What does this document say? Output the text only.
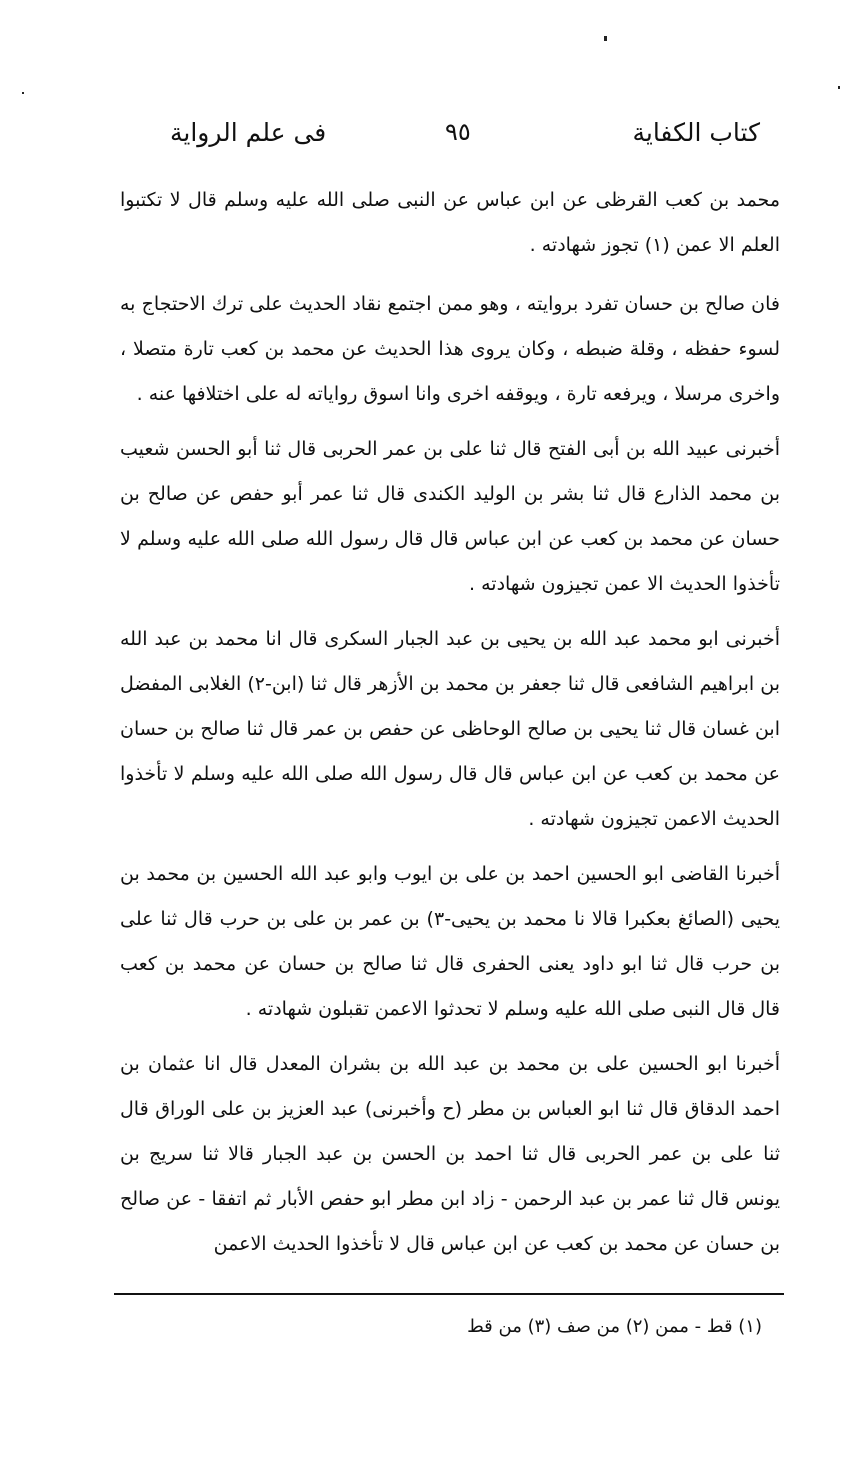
كتاب الكفاية
٩٥
فى علم الرواية

محمد بن كعب القرظى عن ابن عباس عن النبى صلى الله عليه وسلم قال لا تكتبوا العلم الا عمن (١) تجوز شهادته .

فان صالح بن حسان تفرد بروايته ، وهو ممن اجتمع نقاد الحديث على ترك الاحتجاج به لسوء حفظه ، وقلة ضبطه ، وكان يروى هذا الحديث عن محمد بن كعب تارة متصلا ، واخرى مرسلا ، ويرفعه تارة ، ويوقفه اخرى وانا اسوق رواياته له على اختلافها عنه .

أخبرنى عبيد الله بن أبى الفتح قال ثنا على بن عمر الحربى قال ثنا أبو الحسن شعيب بن محمد الذارع قال ثنا بشر بن الوليد الكندى قال ثنا عمر أبو حفص عن صالح بن حسان عن محمد بن كعب عن ابن عباس قال قال رسول الله صلى الله عليه وسلم لا تأخذوا الحديث الا عمن تجيزون شهادته .

أخبرنى ابو محمد عبد الله بن يحيى بن عبد الجبار السكرى قال انا محمد بن عبد الله بن ابراهيم الشافعى قال ثنا جعفر بن محمد بن الأزهر قال ثنا (ابن-٢) الغلابى المفضل ابن غسان قال ثنا يحيى بن صالح الوحاظى عن حفص بن عمر قال ثنا صالح بن حسان عن محمد بن كعب عن ابن عباس قال قال رسول الله صلى الله عليه وسلم لا تأخذوا الحديث الاعمن تجيزون شهادته .

أخبرنا القاضى ابو الحسين احمد بن على بن ايوب وابو عبد الله الحسين بن محمد بن يحيى (الصائغ بعكبرا قالا نا محمد بن يحيى-٣) بن عمر بن على بن حرب قال ثنا على بن حرب قال ثنا ابو داود يعنى الحفرى قال ثنا صالح بن حسان عن محمد بن كعب قال قال النبى صلى الله عليه وسلم لا تحدثوا الاعمن تقبلون شهادته .

أخبرنا ابو الحسين على بن محمد بن عبد الله بن بشران المعدل قال انا عثمان بن احمد الدقاق قال ثنا ابو العباس بن مطر (ح وأخبرنى) عبد العزيز بن على الوراق قال ثنا على بن عمر الحربى قال ثنا احمد بن الحسن بن عبد الجبار قالا ثنا سريج بن يونس قال ثنا عمر بن عبد الرحمن - زاد ابن مطر ابو حفص الأبار ثم اتفقا - عن صالح بن حسان عن محمد بن كعب عن ابن عباس قال لا تأخذوا الحديث الاعمن

(١) قط - ممن (٢) من صف (٣) من قط
